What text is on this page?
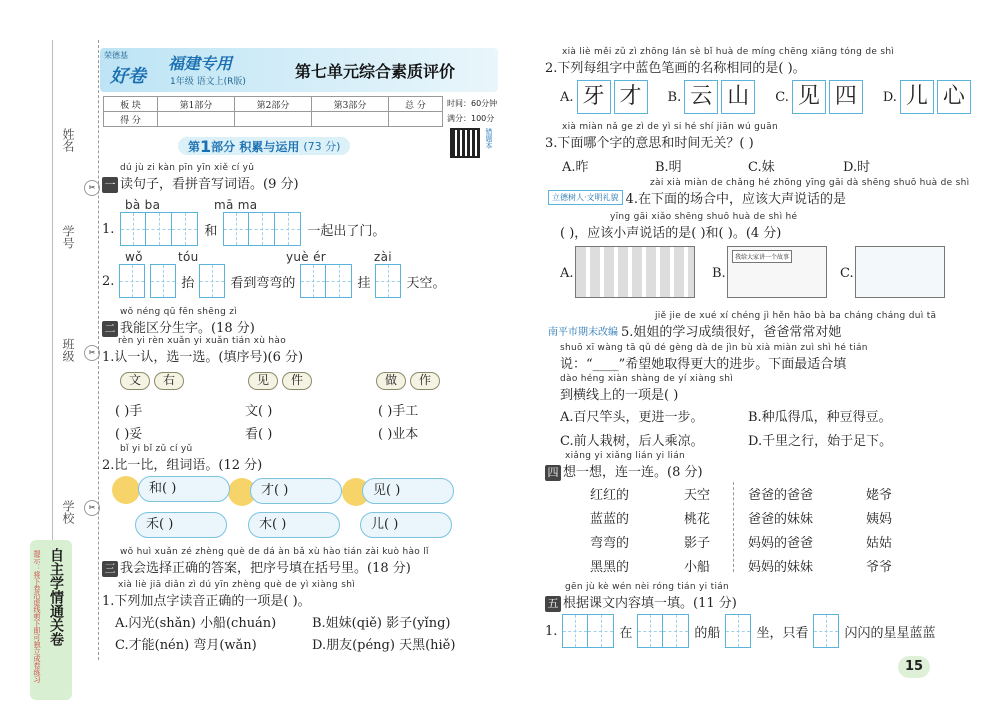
姓名
学号
班级
学校
✂
✂
✂
自主学情通关卷
提示：将下卷沿虚线剪下即可独立成卷练习
荣德基
好卷
福建专用
1年级 语文上(R版)
第七单元综合素质评价
板 块	第1部分	第2部分	第3部分	总 分
得 分				
时间：60分钟
满分：100分
错题本
第 1 部分 积累与运用 (73 分)
dú jù zi kàn pīn yīn xiě cí yǔ
一 读句子，看拼音写词语。(9 分)
bà ba	mā ma
1.	和	一起出了门。
wǒ	tóu	yuè ér	zài
2.	抬	看到弯弯的	挂	天空。
wǒ néng qū fēn shēng zì
二 我能区分生字。(18 分)
rèn yi rèn xuǎn yi xuǎn tián xù hào
1.认一认，选一选。(填序号)(6 分)
文	右	见	件	做	作
( )手	文( )	( )手工
( )妥	看( )	( )业本
bǐ yi bǐ zǔ cí yǔ
2.比一比，组词语。(12 分)
和( )	才( )	见( )
禾( )	木( )	儿( )
wǒ huì xuǎn zé zhèng què de dá àn bǎ xù hào tián zài kuò hào lǐ
三 我会选择正确的答案，把序号填在括号里。(18 分)
xià liè jiā diǎn zì dú yīn zhèng què de yì xiàng shì
1.下列加点字读音正确的一项是( )。
A.闪光(shǎn) 小船(chuán)	B.姐妹(qiě) 影子(yǐng)
C.才能(nén) 弯月(wǎn)	D.朋友(péng) 天黑(hiě)
xià liè měi zǔ zì zhōng lán sè bǐ huà de míng chēng xiāng tóng de shì
2.下列每组字中蓝色笔画的名称相同的是( )。
A. 牙 才	B. 云 山	C. 见 四	D. 儿 心
xià miàn nǎ ge zì de yì si hé shí jiān wú guān
3.下面哪个字的意思和时间无关？( )
A.昨	B.明	C.妹	D.时
zài xià miàn de chǎng hé zhōng yīng gāi dà shēng shuō huà de shì
4.在下面的场合中，应该大声说话的是
立德树人·文明礼貌
yīng gāi xiǎo shēng shuō huà de shì hé
( )，应该小声说话的是( )和( )。(4 分)
A.	B.
我给大家讲一个故事
C.
jiě jie de xué xí chéng jì hěn hǎo bà ba cháng cháng duì tā
南平市期末改编 5.姐姐的学习成绩很好，爸爸常常对她
shuō xī wàng tā qǔ dé gèng dà de jìn bù xià miàn zuì shì hé tián
说：“____”希望她取得更大的进步。下面最适合填
dào héng xiàn shàng de yí xiàng shì
到横线上的一项是( )
A.百尺竿头，更进一步。	B.种瓜得瓜，种豆得豆。
C.前人栽树，后人乘凉。	D.千里之行，始于足下。
xiǎng yi xiǎng lián yi lián
四 想一想，连一连。(8 分)
红红的	天空
蓝蓝的	桃花
弯弯的	影子
黑黑的	小船
爸爸的爸爸	姥爷
爸爸的妹妹	姨妈
妈妈的爸爸	姑姑
妈妈的妹妹	爷爷
gēn jù kè wén nèi róng tián yi tián
五 根据课文内容填一填。(11 分)
1.	在	的船	坐，只看	闪闪的星星蓝蓝
15
